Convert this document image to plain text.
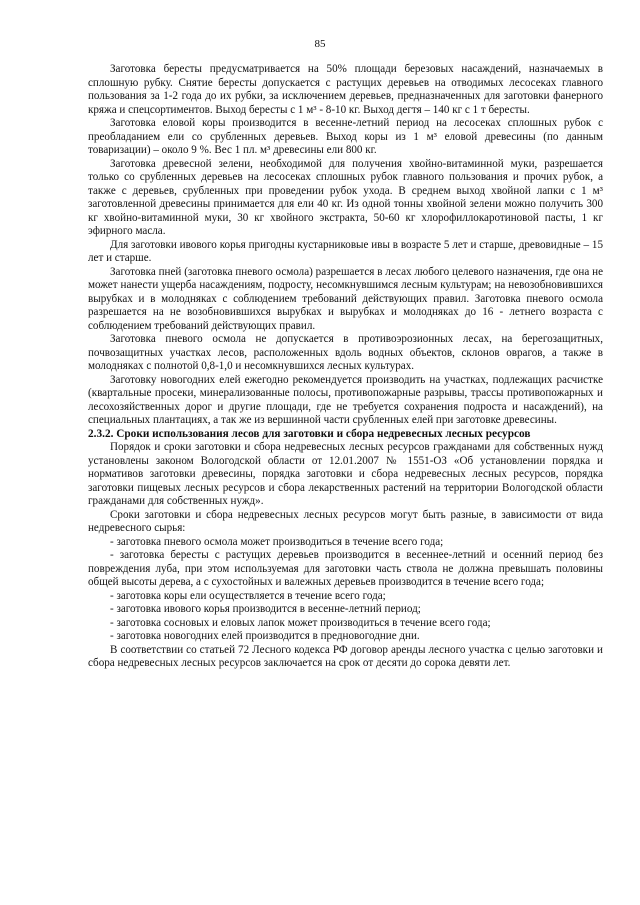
85

Заготовка бересты предусматривается на 50% площади березовых насаждений, назначаемых в сплошную рубку. Снятие бересты допускается с растущих деревьев на отводимых лесосеках главного пользования за 1-2 года до их рубки, за исключением деревьев, предназначенных для заготовки фанерного кряжа и спецсортиментов. Выход бересты с 1 м³ - 8-10 кг. Выход дегтя – 140 кг с 1 т бересты.

Заготовка еловой коры производится в весенне-летний период на лесосеках сплошных рубок с преобладанием ели со срубленных деревьев. Выход коры из 1 м³ еловой древесины (по данным товаризации) – около 9 %. Вес 1 пл. м³ древесины ели 800 кг.

Заготовка древесной зелени, необходимой для получения хвойно-витаминной муки, разрешается только со срубленных деревьев на лесосеках сплошных рубок главного пользования и прочих рубок, а также с деревьев, срубленных при проведении рубок ухода. В среднем выход хвойной лапки с 1 м³ заготовленной древесины принимается для ели 40 кг. Из одной тонны хвойной зелени можно получить 300 кг хвойно-витаминной муки, 30 кг хвойного экстракта, 50-60 кг хлорофиллокаротиновой пасты, 1 кг эфирного масла.

Для заготовки ивового корья пригодны кустарниковые ивы в возрасте 5 лет и старше, древовидные – 15 лет и старше.

Заготовка пней (заготовка пневого осмола) разрешается в лесах любого целевого назначения, где она не может нанести ущерба насаждениям, подросту, несомкнувшимся лесным культурам; на невозобновившихся вырубках и в молодняках с соблюдением требований действующих правил. Заготовка пневого осмола разрешается на не возобновившихся вырубках и вырубках и молодняках до 16 - летнего возраста с соблюдением требований действующих правил.

Заготовка пневого осмола не допускается в противоэрозионных лесах, на берегозащитных, почвозащитных участках лесов, расположенных вдоль водных объектов, склонов оврагов, а также в молодняках с полнотой 0,8-1,0 и несомкнувшихся лесных культурах.

Заготовку новогодних елей ежегодно рекомендуется производить на участках, подлежащих расчистке (квартальные просеки, минерализованные полосы, противопожарные разрывы, трассы противопожарных и лесохозяйственных дорог и другие площади, где не требуется сохранения подроста и насаждений), на специальных плантациях, а так же из вершинной части срубленных елей при заготовке древесины.

2.3.2. Сроки использования лесов для заготовки и сбора недревесных лесных ресурсов

Порядок и сроки заготовки и сбора недревесных лесных ресурсов гражданами для собственных нужд установлены законом Вологодской области от 12.01.2007 № 1551-ОЗ «Об установлении порядка и нормативов заготовки древесины, порядка заготовки и сбора недревесных лесных ресурсов, порядка заготовки пищевых лесных ресурсов и сбора лекарственных растений на территории Вологодской области гражданами для собственных нужд».

Сроки заготовки и сбора недревесных лесных ресурсов могут быть разные, в зависимости от вида недревесного сырья:

- заготовка пневого осмола может производиться в течение всего года;

- заготовка бересты с растущих деревьев производится в весеннее-летний и осенний период без повреждения луба, при этом используемая для заготовки часть ствола не должна превышать половины общей высоты дерева, а с сухостойных и валежных деревьев производится в течение всего года;

- заготовка коры ели осуществляется в течение всего года;

- заготовка ивового корья производится в весенне-летний период;

- заготовка сосновых и еловых лапок может производиться в течение всего года;

- заготовка новогодних елей производится в предновогодние дни.

В соответствии со статьей 72 Лесного кодекса РФ договор аренды лесного участка с целью заготовки и сбора недревесных лесных ресурсов заключается на срок от десяти до сорока девяти лет.
